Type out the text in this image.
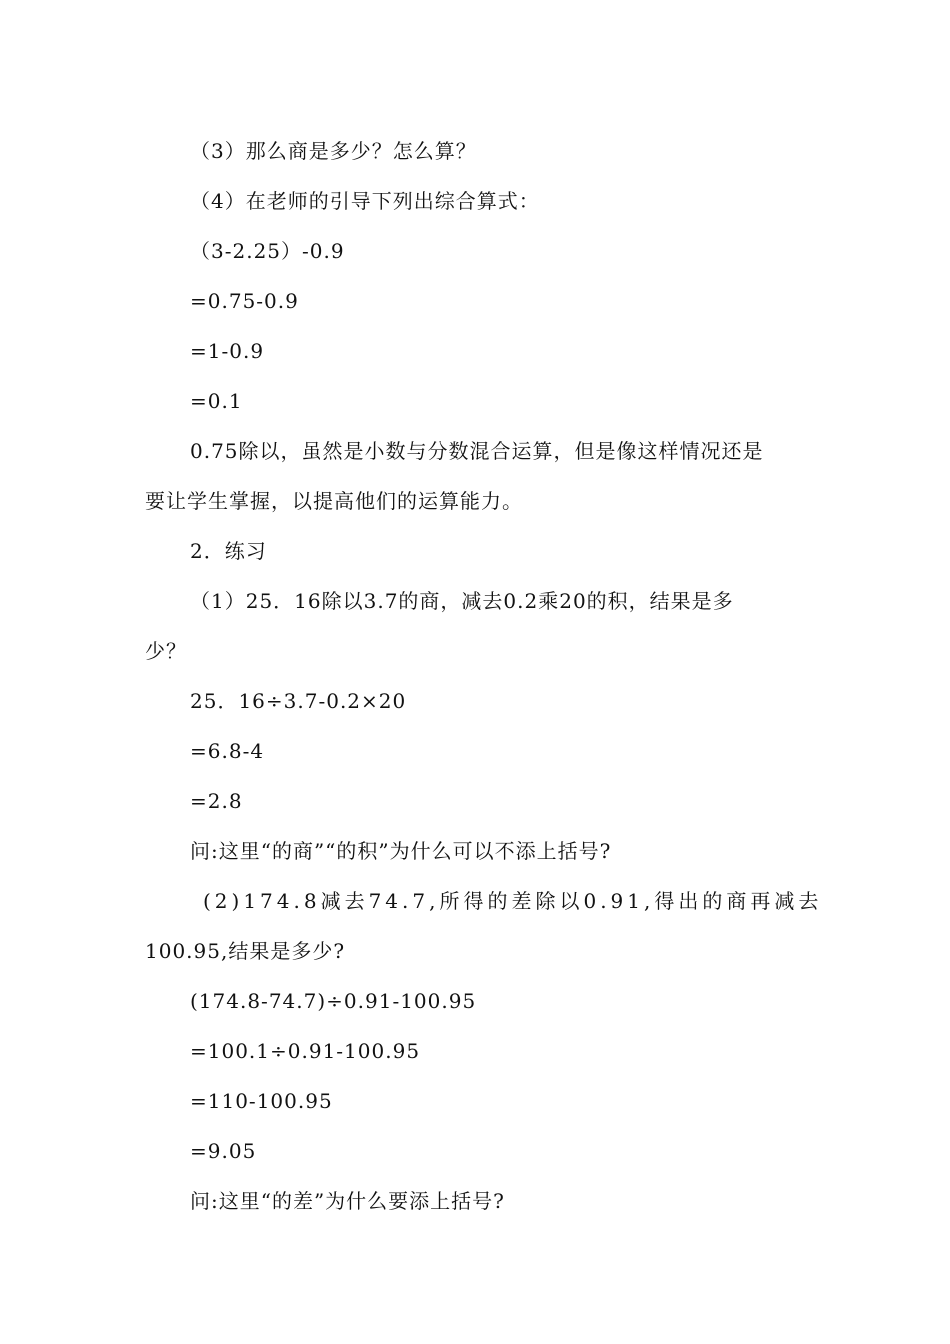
（3）那么商是多少？怎么算？
（4）在老师的引导下列出综合算式：
（3-2.25）-0.9
=0.75-0.9
=1-0.9
=0.1
0.75除以，虽然是小数与分数混合运算，但是像这样情况还是
要让学生掌握，以提高他们的运算能力。
2．练习
（1）25．16除以3.7的商，减去0.2乘20的积，结果是多
少？
25．16÷3.7-0.2×20
=6.8-4
=2.8
问:这里“的商”“的积”为什么可以不添上括号?
(2)174.8减去74.7,所得的差除以0.91,得出的商再减去
100.95,结果是多少?
(174.8-74.7)÷0.91-100.95
=100.1÷0.91-100.95
=110-100.95
=9.05
问:这里“的差”为什么要添上括号?
